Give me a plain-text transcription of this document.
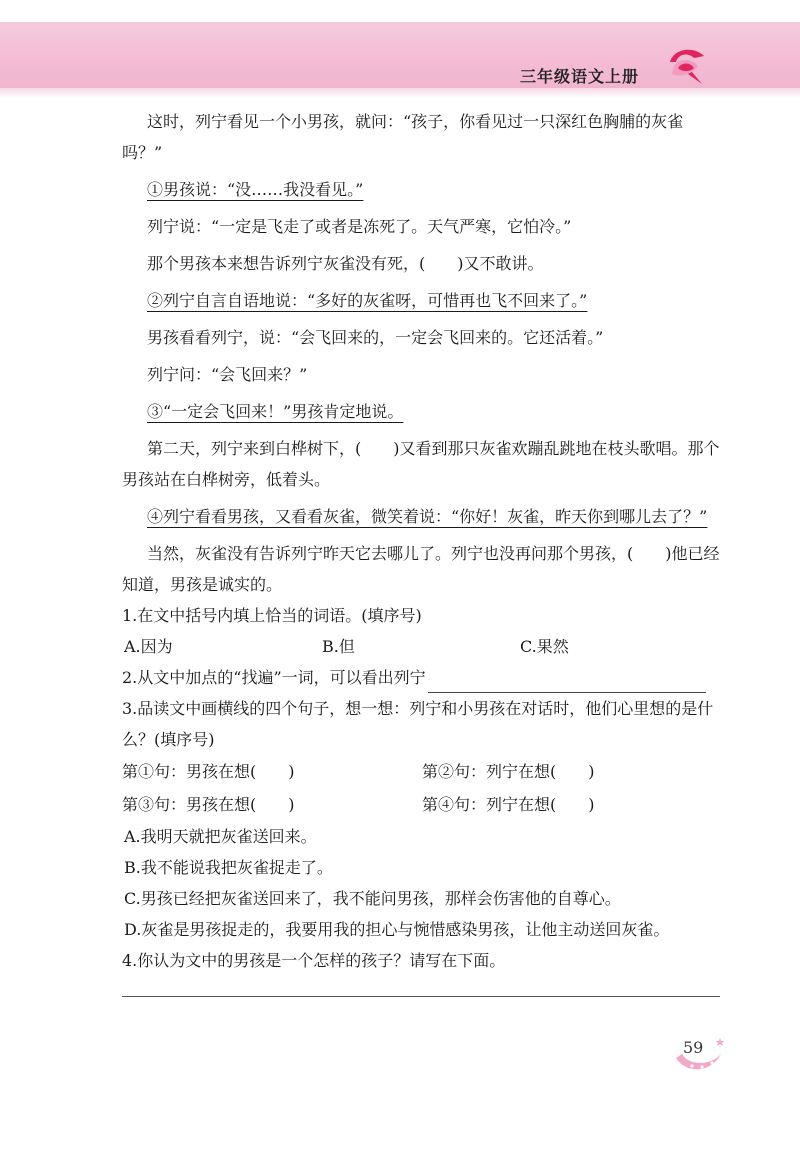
三年级语文上册

这时，列宁看见一个小男孩，就问：“孩子，你看见过一只深红色胸脯的灰雀吗？”

①男孩说：“没……我没看见。”

列宁说：“一定是飞走了或者是冻死了。天气严寒，它怕冷。”

那个男孩本来想告诉列宁灰雀没有死，(　　)又不敢讲。

②列宁自言自语地说：“多好的灰雀呀，可惜再也飞不回来了。”

男孩看看列宁，说：“会飞回来的，一定会飞回来的。它还活着。”

列宁问：“会飞回来？”

③“一定会飞回来！”男孩肯定地说。

第二天，列宁来到白桦树下，(　　)又看到那只灰雀欢蹦乱跳地在枝头歌唱。那个男孩站在白桦树旁，低着头。

④列宁看看男孩，又看看灰雀，微笑着说：“你好！灰雀，昨天你到哪儿去了？”

当然，灰雀没有告诉列宁昨天它去哪儿了。列宁也没再问那个男孩，(　　)他已经知道，男孩是诚实的。

1.在文中括号内填上恰当的词语。(填序号)

A.因为	B.但	C.果然

2.从文中加点的“找遍”一词，可以看出列宁

3.品读文中画横线的四个句子，想一想：列宁和小男孩在对话时，他们心里想的是什么？(填序号)

第①句：男孩在想(　　)	第②句：列宁在想(　　)
第③句：男孩在想(　　)	第④句：列宁在想(　　)

A.我明天就把灰雀送回来。

B.我不能说我把灰雀捉走了。

C.男孩已经把灰雀送回来了，我不能问男孩，那样会伤害他的自尊心。

D.灰雀是男孩捉走的，我要用我的担心与惋惜感染男孩，让他主动送回灰雀。

4.你认为文中的男孩是一个怎样的孩子？请写在下面。

59
